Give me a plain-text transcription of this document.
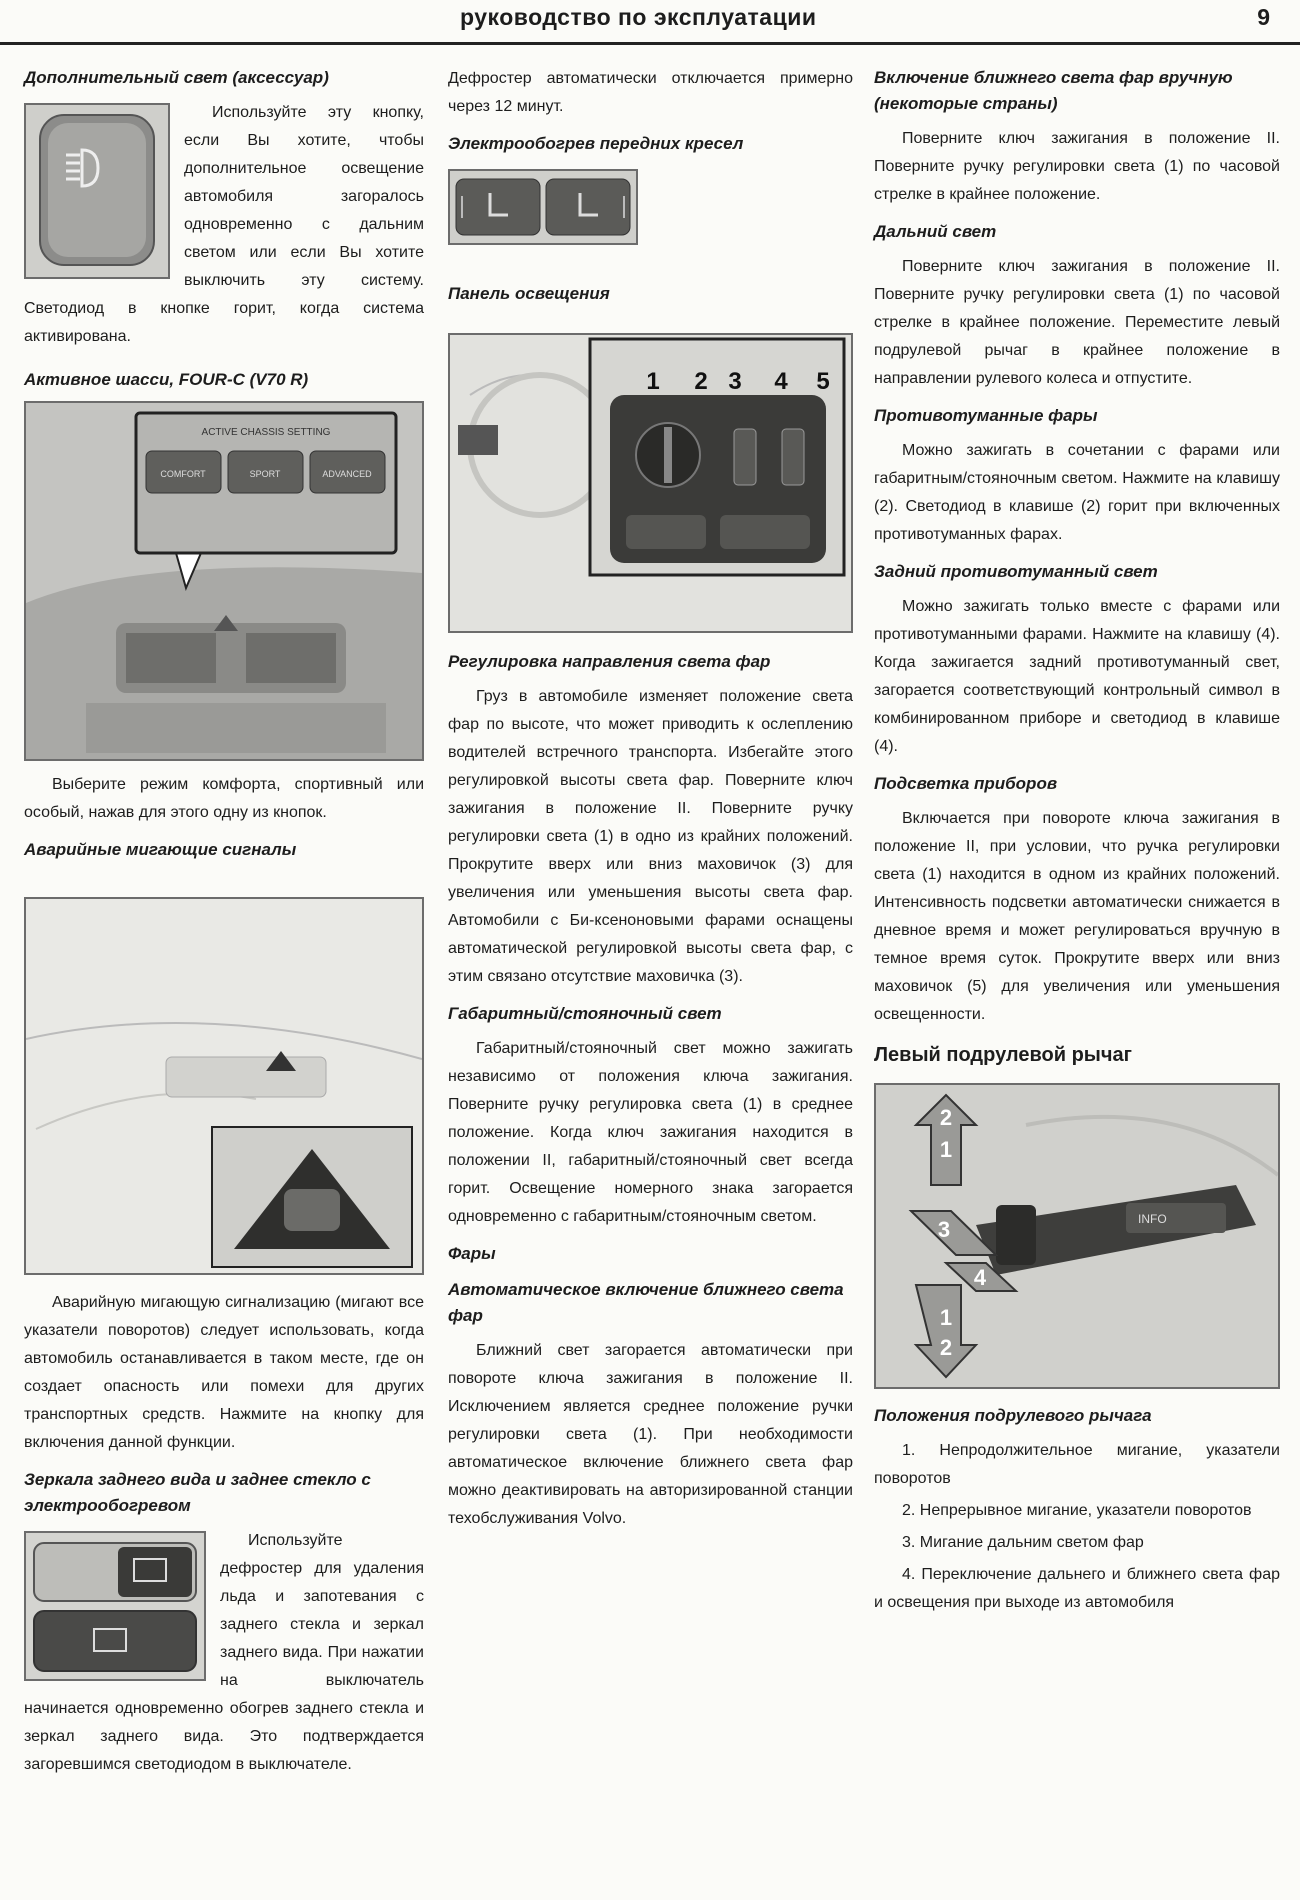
руководство по эксплуатации	9
Дополнительный свет (аксессуар)

Используйте эту кнопку, если Вы хотите, чтобы дополнительное освещение автомобиля загоралось одновременно с дальним светом или если Вы хотите выключить эту систему. Светодиод в кнопке горит, когда система активирована.

Активное шасси, FOUR-C (V70 R)
ACTIVE CHASSIS SETTING
COMFORT	SPORT	ADVANCED
Выберите режим комфорта, спортивный или особый, нажав для этого одну из кнопок.
Аварийные мигающие сигналы

Аварийную мигающую сигнализацию (мигают все указатели поворотов) следует использовать, когда автомобиль останавливается в таком месте, где он создает опасность или помехи для других транспортных средств. Нажмите на кнопку для включения данной функции.

Зеркала заднего вида и заднее стекло с электрообогревом

Используйте дефростер для удаления льда и запотевания с заднего стекла и зеркал заднего вида. При нажатии на выключатель начинается одновременно обогрев заднего стекла и зеркал заднего вида. Это подтверждается загоревшимся светодиодом в выключателе.

Дефростер автоматически отключается примерно через 12 минут.

Электрообогрев передних кресел
Панель освещения
1 2 3 4 5
Регулировка направления света фар

Груз в автомобиле изменяет положение света фар по высоте, что может приводить к ослеплению водителей встречного транспорта. Избегайте этого регулировкой высоты света фар. Поверните ключ зажигания в положение II. Поверните ручку регулировки света (1) в одно из крайних положений. Прокрутите вверх или вниз маховичок (3) для увеличения или уменьшения высоты света фар. Автомобили с Би-ксеноновыми фарами оснащены автоматической регулировкой высоты света фар, с этим связано отсутствие маховичка (3).

Габаритный/стояночный свет

Габаритный/стояночный свет можно зажигать независимо от положения ключа зажигания. Поверните ручку регулировка света (1) в среднее положение. Когда ключ зажигания находится в положении II, габаритный/стояночный свет всегда горит. Освещение номерного знака загорается одновременно с габаритным/стояночным светом.

Фары
Автоматическое включение ближнего света фар

Ближний свет загорается автоматически при повороте ключа зажигания в положение II. Исключением является среднее положение ручки регулировки света (1). При необходимости автоматическое включение ближнего света фар можно деактивировать на авторизированной станции техобслуживания Volvo.

Включение ближнего света фар вручную (некоторые страны)

Поверните ключ зажигания в положение II. Поверните ручку регулировки света (1) по часовой стрелке в крайнее положение.

Дальний свет

Поверните ключ зажигания в положение II. Поверните ручку регулировки света (1) по часовой стрелке в крайнее положение. Переместите левый подрулевой рычаг в крайнее положение в направлении рулевого колеса и отпустите.

Противотуманные фары

Можно зажигать в сочетании с фарами или габаритным/стояночным светом. Нажмите на клавишу (2). Светодиод в клавише (2) горит при включенных противотуманных фарах.

Задний противотуманный свет

Можно зажигать только вместе с фарами или противотуманными фарами. Нажмите на клавишу (4). Когда зажигается задний противотуманный свет, загорается соответствующий контрольный символ в комбинированном приборе и светодиод в клавише (4).

Подсветка приборов

Включается при повороте ключа зажигания в положение II, при условии, что ручка регулировки света (1) находится в одном из крайних положений. Интенсивность подсветки автоматически снижается в дневное время и может регулироваться вручную в темное время суток. Прокрутите вверх или вниз маховичок (5) для увеличения или уменьшения освещенности.

Левый подрулевой рычаг
INFO
2
1
3
4
1
2
Положения подрулевого рычага
1. Непродолжительное мигание, указатели поворотов
2. Непрерывное мигание, указатели поворотов
3. Мигание дальним светом фар
4. Переключение дальнего и ближнего света фар и освещения при выходе из автомобиля
